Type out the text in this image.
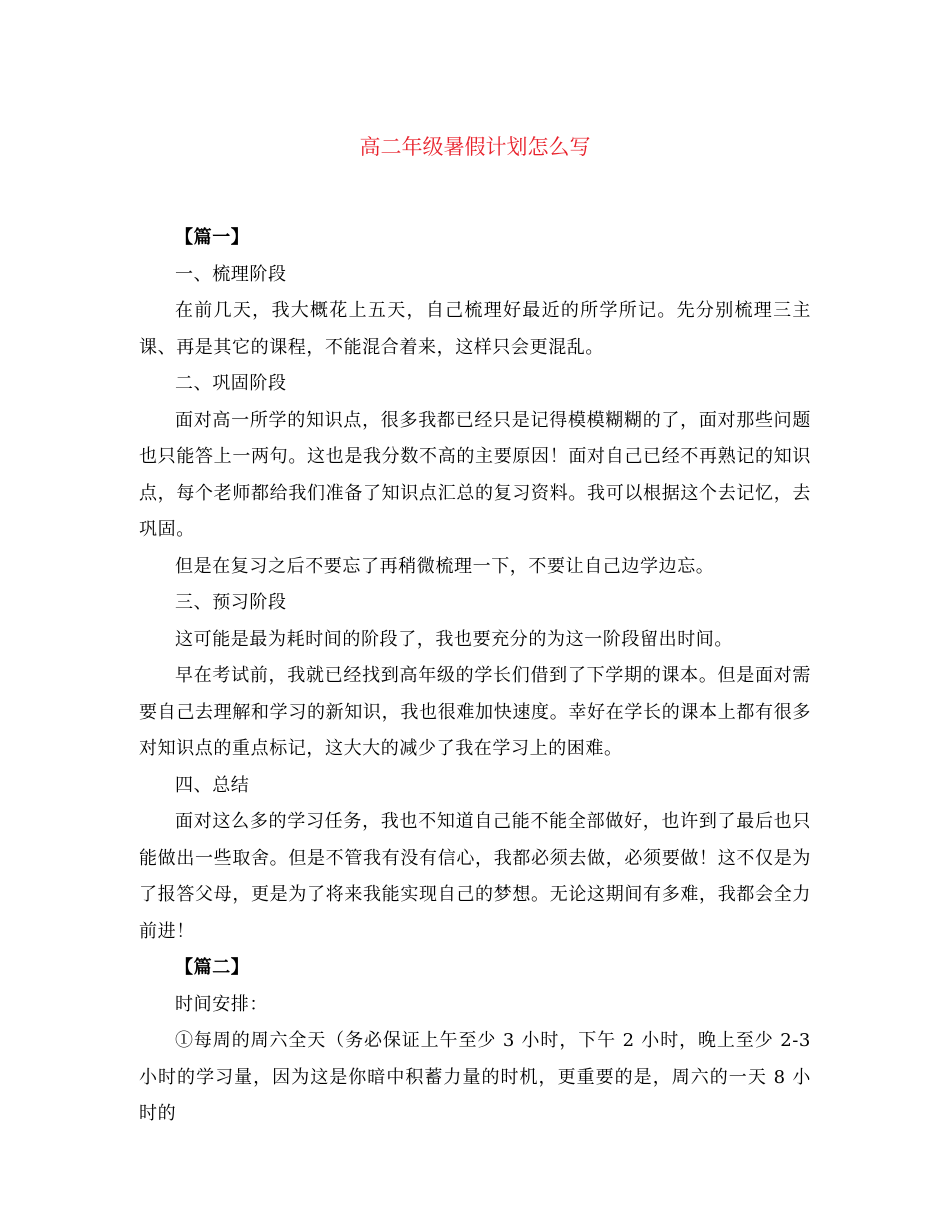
高二年级暑假计划怎么写

【篇一】

一、梳理阶段

在前几天，我大概花上五天，自己梳理好最近的所学所记。先分别梳理三主课、再是其它的课程，不能混合着来，这样只会更混乱。

二、巩固阶段

面对高一所学的知识点，很多我都已经只是记得模模糊糊的了，面对那些问题也只能答上一两句。这也是我分数不高的主要原因！面对自己已经不再熟记的知识点，每个老师都给我们准备了知识点汇总的复习资料。我可以根据这个去记忆，去巩固。

但是在复习之后不要忘了再稍微梳理一下，不要让自己边学边忘。

三、预习阶段

这可能是最为耗时间的阶段了，我也要充分的为这一阶段留出时间。

早在考试前，我就已经找到高年级的学长们借到了下学期的课本。但是面对需要自己去理解和学习的新知识，我也很难加快速度。幸好在学长的课本上都有很多对知识点的重点标记，这大大的减少了我在学习上的困难。

四、总结

面对这么多的学习任务，我也不知道自己能不能全部做好，也许到了最后也只能做出一些取舍。但是不管我有没有信心，我都必须去做，必须要做！这不仅是为了报答父母，更是为了将来我能实现自己的梦想。无论这期间有多难，我都会全力前进！

【篇二】

时间安排：

①每周的周六全天（务必保证上午至少 3 小时，下午 2 小时，晚上至少 2-3 小时的学习量，因为这是你暗中积蓄力量的时机，更重要的是，周六的一天 8 小时的
